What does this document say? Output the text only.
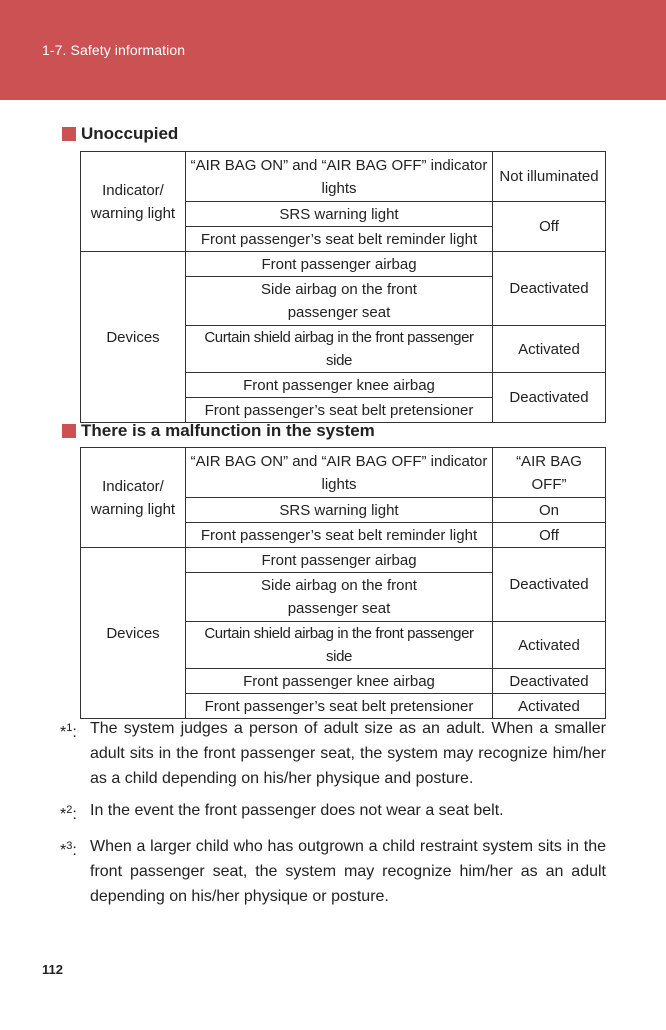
1-7. Safety information
Unoccupied
Indicator/ warning light	“AIR BAG ON” and “AIR BAG OFF” indicator lights	Not illuminated
	SRS warning light	Off
	Front passenger’s seat belt reminder light	
Devices	Front passenger airbag	Deactivated
	Side airbag on the front passenger seat	
	Curtain shield airbag in the front passenger side	Activated
	Front passenger knee airbag	Deactivated
	Front passenger’s seat belt pretensioner	
There is a malfunction in the system
Indicator/ warning light	“AIR BAG ON” and “AIR BAG OFF” indicator lights	“AIR BAG OFF”
	SRS warning light	On
	Front passenger’s seat belt reminder light	Off
Devices	Front passenger airbag	Deactivated
	Side airbag on the front passenger seat	
	Curtain shield airbag in the front passenger side	Activated
	Front passenger knee airbag	Deactivated
	Front passenger’s seat belt pretensioner	Activated
*$^1$: The system judges a person of adult size as an adult. When a smaller adult sits in the front passenger seat, the system may recognize him/her as a child depending on his/her physique and posture.
*$^2$: In the event the front passenger does not wear a seat belt.
*$^3$: When a larger child who has outgrown a child restraint system sits in the front passenger seat, the system may recognize him/her as an adult depending on his/her physique or posture.
112
